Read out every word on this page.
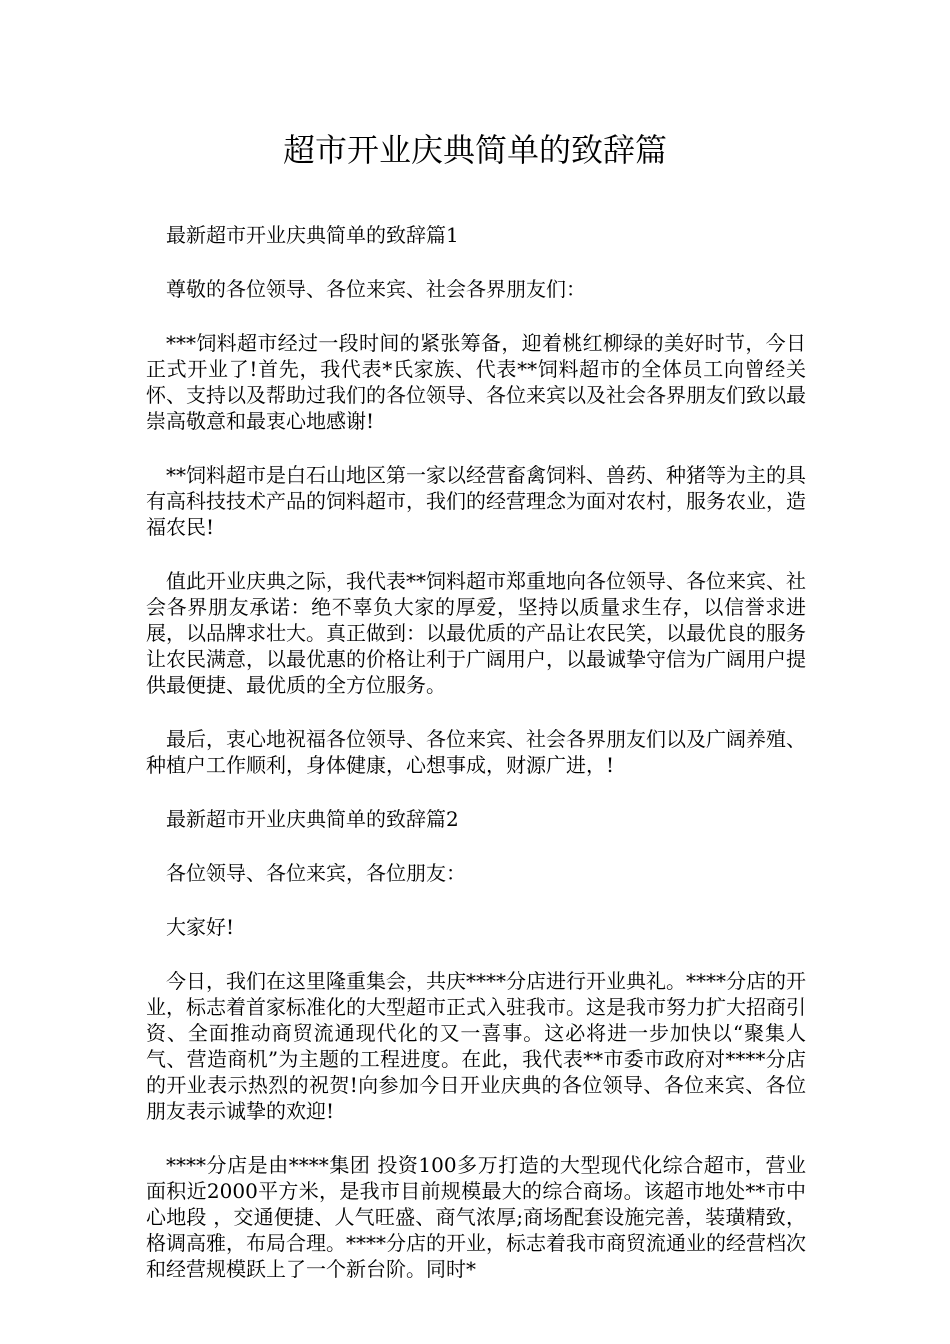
超市开业庆典简单的致辞篇

最新超市开业庆典简单的致辞篇1

尊敬的各位领导、各位来宾、社会各界朋友们：

***饲料超市经过一段时间的紧张筹备，迎着桃红柳绿的美好时节，今日正式开业了!首先，我代表*氏家族、代表**饲料超市的全体员工向曾经关怀、支持以及帮助过我们的各位领导、各位来宾以及社会各界朋友们致以最崇高敬意和最衷心地感谢!

**饲料超市是白石山地区第一家以经营畜禽饲料、兽药、种猪等为主的具有高科技技术产品的饲料超市，我们的经营理念为面对农村，服务农业，造福农民!

值此开业庆典之际，我代表**饲料超市郑重地向各位领导、各位来宾、社会各界朋友承诺：绝不辜负大家的厚爱，坚持以质量求生存，以信誉求进展，以品牌求壮大。真正做到：以最优质的产品让农民笑，以最优良的服务让农民满意，以最优惠的价格让利于广阔用户，以最诚挚守信为广阔用户提供最便捷、最优质的全方位服务。

最后，衷心地祝福各位领导、各位来宾、社会各界朋友们以及广阔养殖、种植户工作顺利，身体健康，心想事成，财源广进，!

最新超市开业庆典简单的致辞篇2

各位领导、各位来宾，各位朋友：

大家好!

今日，我们在这里隆重集会，共庆****分店进行开业典礼。****分店的开业，标志着首家标准化的大型超市正式入驻我市。这是我市努力扩大招商引资、全面推动商贸流通现代化的又一喜事。这必将进一步加快以“聚集人气、营造商机”为主题的工程进度。在此，我代表**市委市政府对****分店 的开业表示热烈的祝贺!向参加今日开业庆典的各位领导、各位来宾、各位朋友表示诚挚的欢迎!

****分店是由****集团 投资100多万打造的大型现代化综合超市，营业面积近2000平方米，是我市目前规模最大的综合商场。该超市地处**市中心地段 ，交通便捷、人气旺盛、商气浓厚;商场配套设施完善，装璜精致，格调高雅，布局合理。****分店的开业，标志着我市商贸流通业的经营档次和经营规模跃上了一个新台阶。同时*
